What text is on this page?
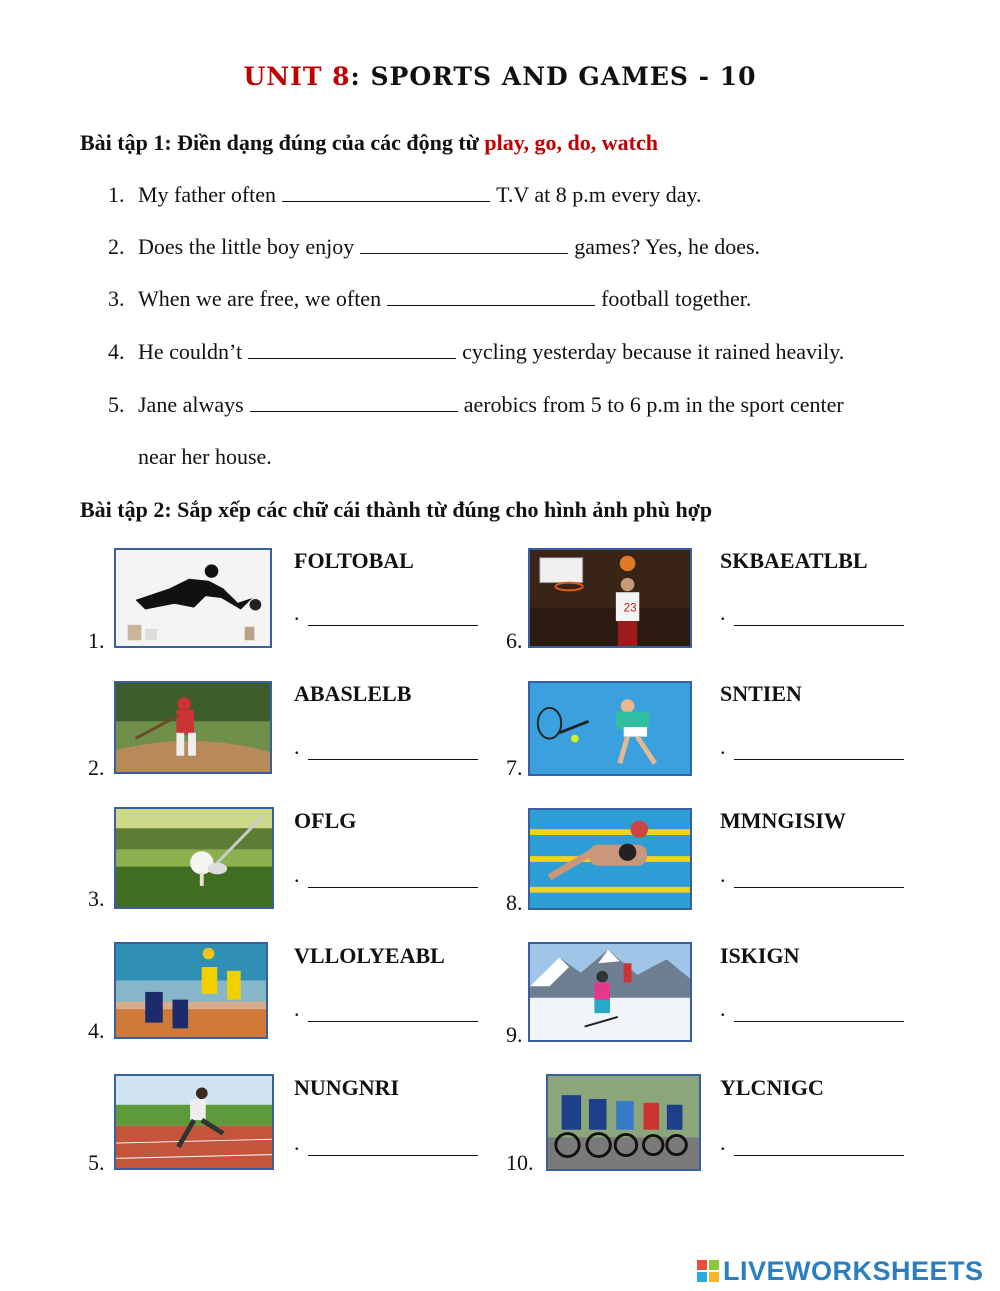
UNIT 8: SPORTS AND GAMES - 10
Bài tập 1: Điền dạng đúng của các động từ play, go, do, watch
1. My father often	T.V at 8 p.m every day.
2. Does the little boy enjoy	games? Yes, he does.
3. When we are free, we often	football together.
4. He couldn’t	cycling yesterday because it rained heavily.
5. Jane always	aerobics from 5 to 6 p.m in the sport center
near her house.
Bài tập 2: Sắp xếp các chữ cái thành từ đúng cho hình ảnh phù hợp
1.
FOLTOBAL
.
2.
ABASLELB
.
3.
OFLG
.
4.
VLLOLYEABL
.
5.
NUNGNRI
.
6.
23
SKBAEATLBL
.
7.
SNTIEN
.
8.
MMNGISIW
.
9.
ISKIGN
.
10.
YLCNIGC
.
LIVEWORKSHEETS
